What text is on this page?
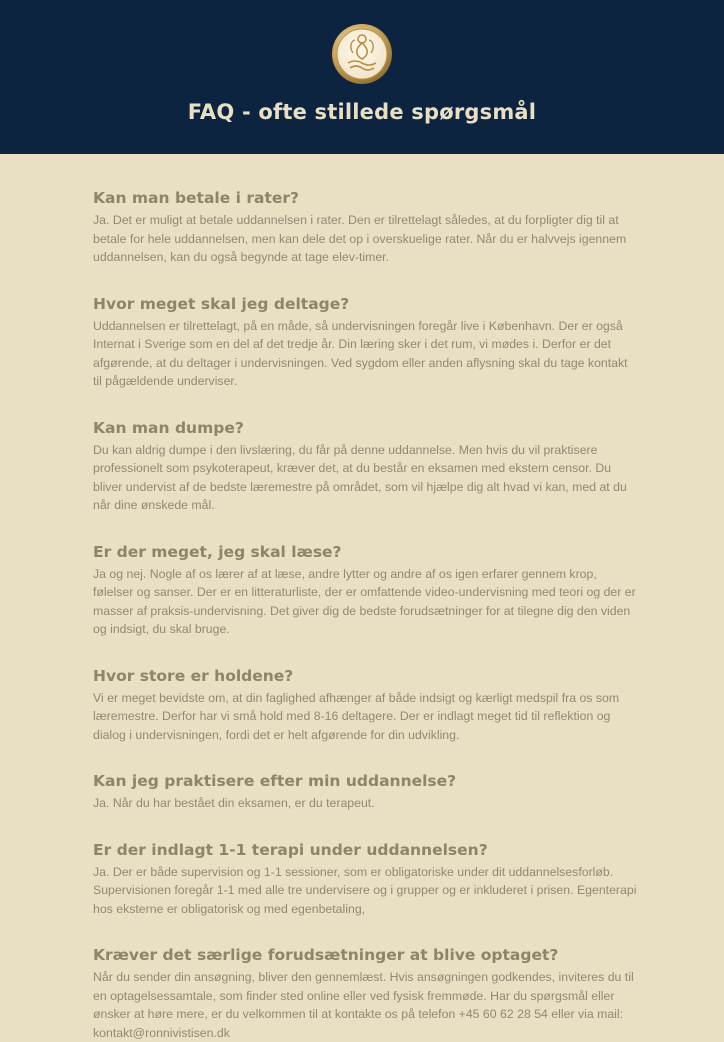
FAQ - ofte stillede spørgsmål
Kan man betale i rater?

Ja. Det er muligt at betale uddannelsen i rater. Den er tilrettelagt således, at du forpligter dig til at betale for hele uddannelsen, men kan dele det op i overskuelige rater. Når du er halvvejs igennem uddannelsen, kan du også begynde at tage elev-timer.

Hvor meget skal jeg deltage?

Uddannelsen er tilrettelagt, på en måde, så undervisningen foregår live i København. Der er også Internat i Sverige som en del af det tredje år. Din læring sker i det rum, vi mødes i. Derfor er det afgørende, at du deltager i undervisningen. Ved sygdom eller anden aflysning skal du tage kontakt til pågældende underviser.

Kan man dumpe?

Du kan aldrig dumpe i den livslæring, du får på denne uddannelse. Men hvis du vil praktisere professionelt som psykoterapeut, kræver det, at du består en eksamen med ekstern censor. Du bliver undervist af de bedste læremestre på området, som vil hjælpe dig alt hvad vi kan, med at du når dine ønskede mål.

Er der meget, jeg skal læse?

Ja og nej. Nogle af os lærer af at læse, andre lytter og andre af os igen erfarer gennem krop, følelser og sanser. Der er en litteraturliste, der er omfattende video-undervisning med teori og der er masser af praksis-undervisning. Det giver dig de bedste forudsætninger for at tilegne dig den viden og indsigt, du skal bruge.

Hvor store er holdene?

Vi er meget bevidste om, at din faglighed afhænger af både indsigt og kærligt medspil fra os som læremestre. Derfor har vi små hold med 8-16 deltagere. Der er indlagt meget tid til reflektion og dialog i undervisningen, fordi det er helt afgørende for din udvikling.

Kan jeg praktisere efter min uddannelse?

Ja. Når du har bestået din eksamen, er du terapeut.

Er der indlagt 1-1 terapi under uddannelsen?

Ja. Der er både supervision og 1-1 sessioner, som er obligatoriske under dit uddannelsesforløb. Supervisionen foregår 1-1 med alle tre undervisere og i grupper og er inkluderet i prisen. Egenterapi hos eksterne er obligatorisk og med egenbetaling,

Kræver det særlige forudsætninger at blive optaget?

Når du sender din ansøgning, bliver den gennemlæst. Hvis ansøgningen godkendes, inviteres du til en optagelsessamtale, som finder sted online eller ved fysisk fremmøde. Har du spørgsmål eller ønsker at høre mere, er du velkommen til at kontakte os på telefon +45 60 62 28 54 eller via mail: kontakt@ronnivistisen.dk
